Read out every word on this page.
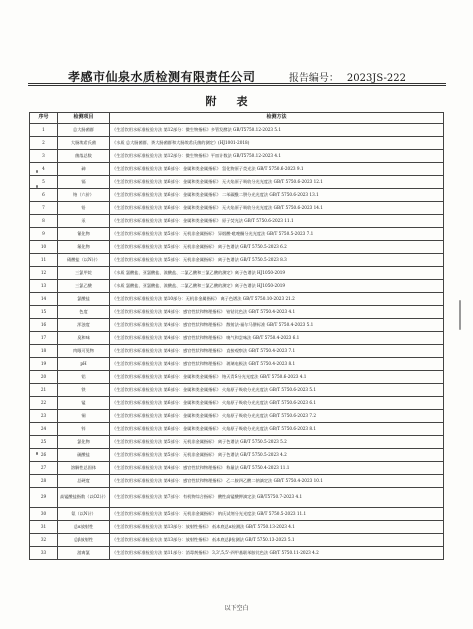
孝感市仙泉水质检测有限责任公司	报告编号： 2023JS-222
附表
序号	检测项目	检测方法
1	总大肠菌群	《生活饮用水标准检验方法 第12部分：微生物指标》多管发酵法 GB/T5750.12-2023 5.1
2	大肠埃希氏菌	《水质 总大肠菌群、粪大肠菌群和大肠埃希氏菌的测定》(HJ1001-2018)
3	菌落总数	《生活饮用水标准检验方法 第12部分：微生物指标》平皿计数法 GB/T5750.12-2023 4.1
4	砷	《生活饮用水标准检验方法 第6部分：金属和类金属指标》 氢化物原子荧光法 GB/T 5750.6-2023 9.1
5	镉	《生活饮用水标准检验方法 第6部分：金属和类金属指标》 无火焰原子吸收分光光度法 GB/T 5750.6-2023 12.1
6	铬（六价）	《生活饮用水标准检验方法 第6部分：金属和类金属指标》 二苯碳酰二肼分光光度法 GB/T 5750.6-2023 13.1
7	铅	《生活饮用水标准检验方法 第6部分：金属和类金属指标》 无火焰原子吸收分光光度法 GB/T 5750.6-2023 14.1
8	汞	《生活饮用水标准检验方法 第6部分：金属和类金属指标》 原子荧光法 GB/T 5750.6-2023 11.1
9	氰化物	《生活饮用水标准检验方法 第5部分：无机非金属指标》 异烟酸-吡唑酮分光光度法 GB/T 5750.5-2023 7.1
10	氟化物	《生活饮用水标准检验方法 第5部分：无机非金属指标》 离子色谱法 GB/T 5750.5-2023 6.2
11	硝酸盐（以N计）	《生活饮用水标准检验方法 第5部分：无机非金属指标》 离子色谱法 GB/T 5750.5-2023 8.3
12	三氯甲烷	《水质 氯酸盐、亚氯酸盐、溴酸盐、二氯乙酸和三氯乙酸的测定》离子色谱法 HJ1050-2019
13	三氯乙酸	《水质 氯酸盐、亚氯酸盐、溴酸盐、二氯乙酸和三氯乙酸的测定》离子色谱法 HJ1050-2019
14	氯酸盐	《生活饮用水标准检验方法 第10部分：无机非金属指标》 离子色谱法 GB/T 5750.10-2023 21.2
15	色度	《生活饮用水标准检验方法 第4部分：感官性状和物理指标》 铂钴比色法 GB/T 5750.4-2023 4.1
16	浑浊度	《生活饮用水标准检验方法 第4部分：感官性状和物理指标》 散射法-福尔马肼标准 GB/T 5750.4-2023 5.1
17	臭和味	《生活饮用水标准检验方法 第4部分：感官性状和物理指标》 嗅气和尝味法 GB/T 5750.4-2023 6.1
18	肉眼可见物	《生活饮用水标准检验方法 第4部分：感官性状和物理指标》 直接观察法 GB/T 5750.4-2023 7.1
19	pH	《生活饮用水标准检验方法 第4部分：感官性状和物理指标》 玻璃电极法 GB/T 5750.4-2023 8.1
20	铝	《生活饮用水标准检验方法 第6部分：金属和类金属指标》 铬天青S分光光度法 GB/T 5750.6-2023 4.1
21	铁	《生活饮用水标准检验方法 第6部分：金属和类金属指标》 火焰原子吸收分光光度法 GB/T 5750.6-2023 5.1
22	锰	《生活饮用水标准检验方法 第6部分：金属和类金属指标》 火焰原子吸收分光光度法 GB/T 5750.6-2023 6.1
23	铜	《生活饮用水标准检验方法 第6部分：金属和类金属指标》 火焰原子吸收分光光度法 GB/T 5750.6-2023 7.2
24	锌	《生活饮用水标准检验方法 第6部分：金属和类金属指标》 火焰原子吸收分光光度法 GB/T 5750.6-2023 8.1
25	氯化物	《生活饮用水标准检验方法 第5部分：无机非金属指标》 离子色谱法 GB/T 5750.5-2023 5.2
26	硫酸盐	《生活饮用水标准检验方法 第5部分：无机非金属指标》 离子色谱法 GB/T 5750.5-2023 4.2
27	溶解性总固体	《生活饮用水标准检验方法 第4部分：感官性状和物理指标》 称量法 GB/T 5750.4-2023 11.1
28	总硬度	《生活饮用水标准检验方法 第4部分：感官性状和物理指标》 乙二胺四乙酸二钠滴定法 GB/T 5750.4-2023 10.1
29	高锰酸盐指数（以O2计）	《生活饮用水标准检验方法 第7部分：有机物综合指标》 酸性高锰酸钾滴定法 GB/T5750.7-2023 4.1
30	氨（以N计）	《生活饮用水标准检验方法 第5部分：无机非金属指标》 纳氏试剂分光光度法 GB/T 5750.5-2023 11.1
31	总α放射性	《生活饮用水标准检验方法 第13部分：放射性指标》 低本底总α检测法 GB/T 5750.13-2023 4.1
32	总β放射性	《生活饮用水标准检验方法 第13部分：放射性指标》 低本底总β检测法 GB/T 5750.13-2023 5.1
33	游离氯	《生活饮用水标准检验方法 第11部分：消毒剂指标》 3,3',5,5'-四甲基联苯胺比色法 GB/T 5750.11-2023 4.2
以下空白
